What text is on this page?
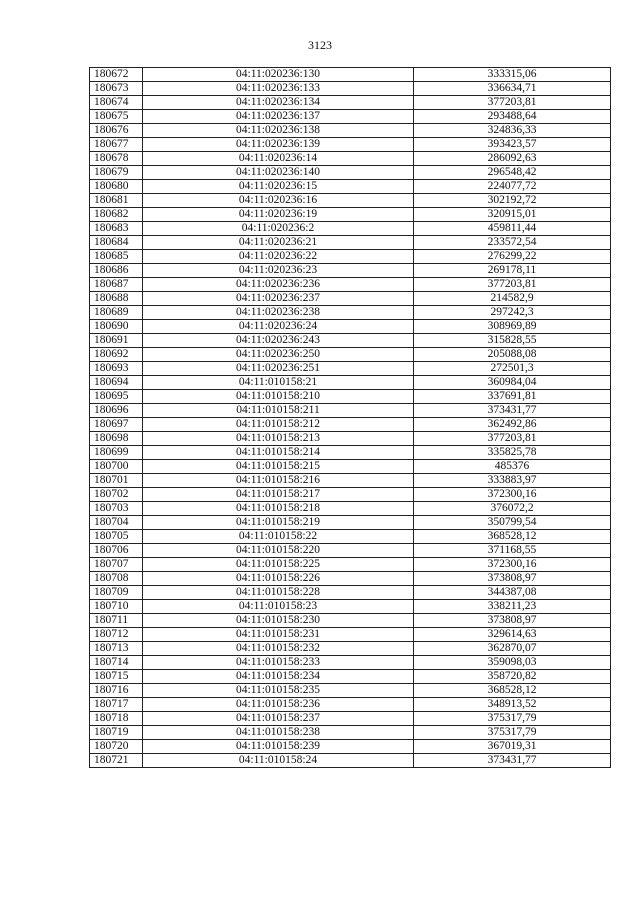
3123
180672	04:11:020236:130	333315,06
180673	04:11:020236:133	336634,71
180674	04:11:020236:134	377203,81
180675	04:11:020236:137	293488,64
180676	04:11:020236:138	324836,33
180677	04:11:020236:139	393423,57
180678	04:11:020236:14	286092,63
180679	04:11:020236:140	296548,42
180680	04:11:020236:15	224077,72
180681	04:11:020236:16	302192,72
180682	04:11:020236:19	320915,01
180683	04:11:020236:2	459811,44
180684	04:11:020236:21	233572,54
180685	04:11:020236:22	276299,22
180686	04:11:020236:23	269178,11
180687	04:11:020236:236	377203,81
180688	04:11:020236:237	214582,9
180689	04:11:020236:238	297242,3
180690	04:11:020236:24	308969,89
180691	04:11:020236:243	315828,55
180692	04:11:020236:250	205088,08
180693	04:11:020236:251	272501,3
180694	04:11:010158:21	360984,04
180695	04:11:010158:210	337691,81
180696	04:11:010158:211	373431,77
180697	04:11:010158:212	362492,86
180698	04:11:010158:213	377203,81
180699	04:11:010158:214	335825,78
180700	04:11:010158:215	485376
180701	04:11:010158:216	333883,97
180702	04:11:010158:217	372300,16
180703	04:11:010158:218	376072,2
180704	04:11:010158:219	350799,54
180705	04:11:010158:22	368528,12
180706	04:11:010158:220	371168,55
180707	04:11:010158:225	372300,16
180708	04:11:010158:226	373808,97
180709	04:11:010158:228	344387,08
180710	04:11:010158:23	338211,23
180711	04:11:010158:230	373808,97
180712	04:11:010158:231	329614,63
180713	04:11:010158:232	362870,07
180714	04:11:010158:233	359098,03
180715	04:11:010158:234	358720,82
180716	04:11:010158:235	368528,12
180717	04:11:010158:236	348913,52
180718	04:11:010158:237	375317,79
180719	04:11:010158:238	375317,79
180720	04:11:010158:239	367019,31
180721	04:11:010158:24	373431,77
